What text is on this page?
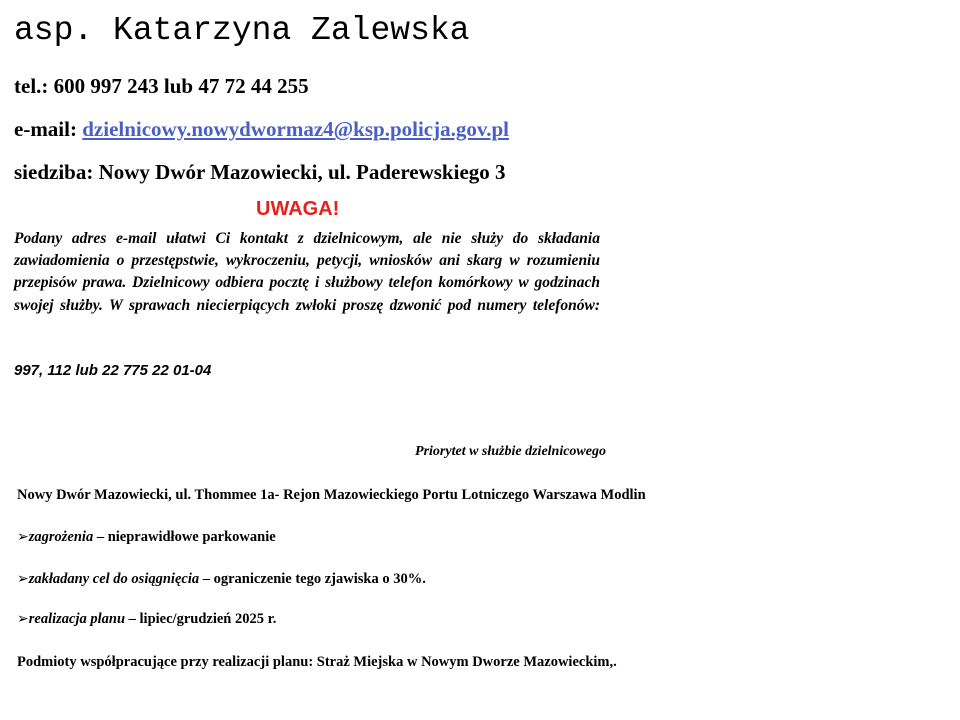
asp. Katarzyna Zalewska
tel.: 600 997 243 lub 47 72 44 255
e-mail: dzielnicowy.nowydwormaz4@ksp.policja.gov.pl
siedziba: Nowy Dwór Mazowiecki, ul. Paderewskiego 3
UWAGA!
Podany adres e-mail ułatwi Ci kontakt z dzielnicowym, ale nie służy do składania zawiadomienia o przestępstwie, wykroczeniu, petycji, wniosków ani skarg w rozumieniu przepisów prawa. Dzielnicowy odbiera pocztę i służbowy telefon komórkowy w godzinach swojej służby. W sprawach niecierpiących zwłoki proszę dzwonić pod numery telefonów:
997, 112 lub 22 775 22 01-04
Priorytet w służbie dzielnicowego
Nowy Dwór Mazowiecki, ul. Thommee 1a- Rejon Mazowieckiego Portu Lotniczego Warszawa Modlin
➢zagrożenia – nieprawidłowe parkowanie
➢zakładany cel do osiągnięcia – ograniczenie tego zjawiska o 30%.
➢realizacja planu – lipiec/grudzień 2025 r.
Podmioty współpracujące przy realizacji planu: Straż Miejska w Nowym Dworze Mazowieckim,.
